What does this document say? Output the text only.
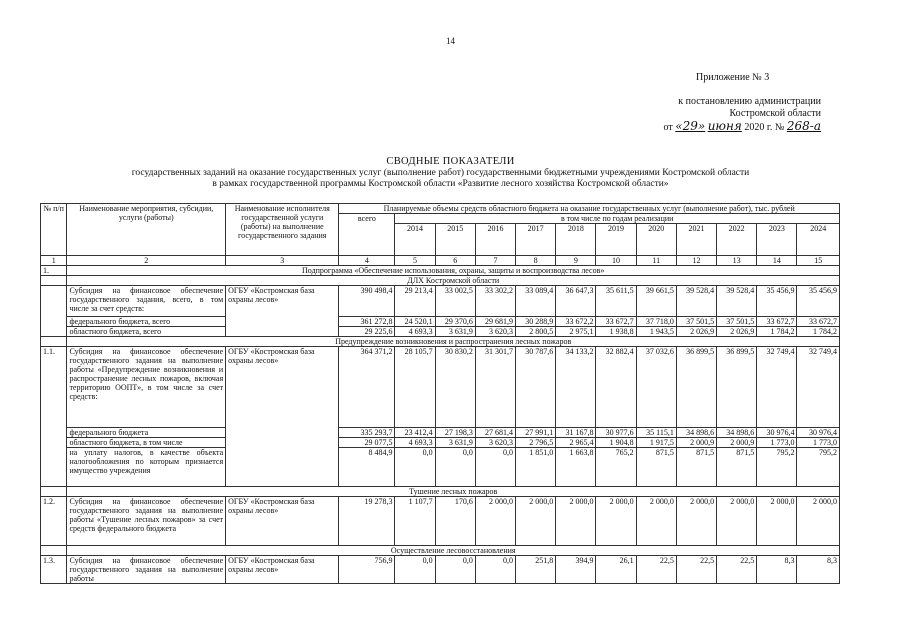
14
Приложение № 3
к постановлению администрации
Костромской области
от «29» июня 2020 г. № 268-а
СВОДНЫЕ ПОКАЗАТЕЛИ
государственных заданий на оказание государственных услуг (выполнение работ) государственными бюджетными учреждениями Костромской области
в рамках государственной программы Костромской области «Развитие лесного хозяйства Костромской области»
№ п/п	Наименование мероприятия, субсидии, услуги (работы)	Наименование исполнителя государственной услуги (работы) на выполнение государственного задания	Планируемые объемы средств областного бюджета на оказание государственных услуг (выполнение работ), тыс. рублей											
			всего	в том числе по годам реализации										
				2014	2015	2016	2017	2018	2019	2020	2021	2022	2023	2024
1	2	3	4	5	6	7	8	9	10	11	12	13	14	15
1.	Подпрограмма «Обеспечение использования, охраны, защиты и воспроизводства лесов»													
	ДЛХ Костромской области													
	Субсидия на финансовое обеспечение государственного задания, всего, в том числе за счет средств:	ОГБУ «Костромская база охраны лесов»	390 498,4	29 213,4	33 002,5	33 302,2	33 089,4	36 647,3	35 611,5	39 661,5	39 528,4	39 528,4	35 456,9	35 456,9
	федерального бюджета, всего		361 272,8	24 520,1	29 370,6	29 681,9	30 288,9	33 672,2	33 672,7	37 718,0	37 501,5	37 501,5	33 672,7	33 672,7
	областного бюджета, всего		29 225,6	4 693,3	3 631,9	3 620,3	2 800,5	2 975,1	1 938,8	1 943,5	2 026,9	2 026,9	1 784,2	1 784,2
	Предупреждение возникновения и распространения лесных пожаров													
1.1.	Субсидия на финансовое обеспечение государственного задания на выполнение работы «Предупреждение возникновения и распространение лесных пожаров, включая территорию ООПТ», в том числе за счет средств:	ОГБУ «Костромская база охраны лесов»	364 371,2	28 105,7	30 830,2	31 301,7	30 787,6	34 133,2	32 882,4	37 032,6	36 899,5	36 899,5	32 749,4	32 749,4
	федерального бюджета		335 293,7	23 412,4	27 198,3	27 681,4	27 991,1	31 167,8	30 977,6	35 115,1	34 898,6	34 898,6	30 976,4	30 976,4
	областного бюджета, в том числе		29 077,5	4 693,3	3 631,9	3 620,3	2 796,5	2 965,4	1 904,8	1 917,5	2 000,9	2 000,9	1 773,0	1 773,0
	на уплату налогов, в качестве объекта налогообложения по которым признается имущество учреждения		8 484,9	0,0	0,0	0,0	1 851,0	1 663,8	765,2	871,5	871,5	871,5	795,2	795,2
	Тушение лесных пожаров													
1.2.	Субсидия на финансовое обеспечение государственного задания на выполнение работы «Тушение лесных пожаров» за счет средств федерального бюджета	ОГБУ «Костромская база охраны лесов»	19 278,3	1 107,7	170,6	2 000,0	2 000,0	2 000,0	2 000,0	2 000,0	2 000,0	2 000,0	2 000,0	2 000,0
	Осуществление лесовосстановления													
1.3.	Субсидия на финансовое обеспечение государственного задания на выполнение работы	ОГБУ «Костромская база охраны лесов»	756,9	0,0	0,0	0,0	251,8	394,9	26,1	22,5	22,5	22,5	8,3	8,3
